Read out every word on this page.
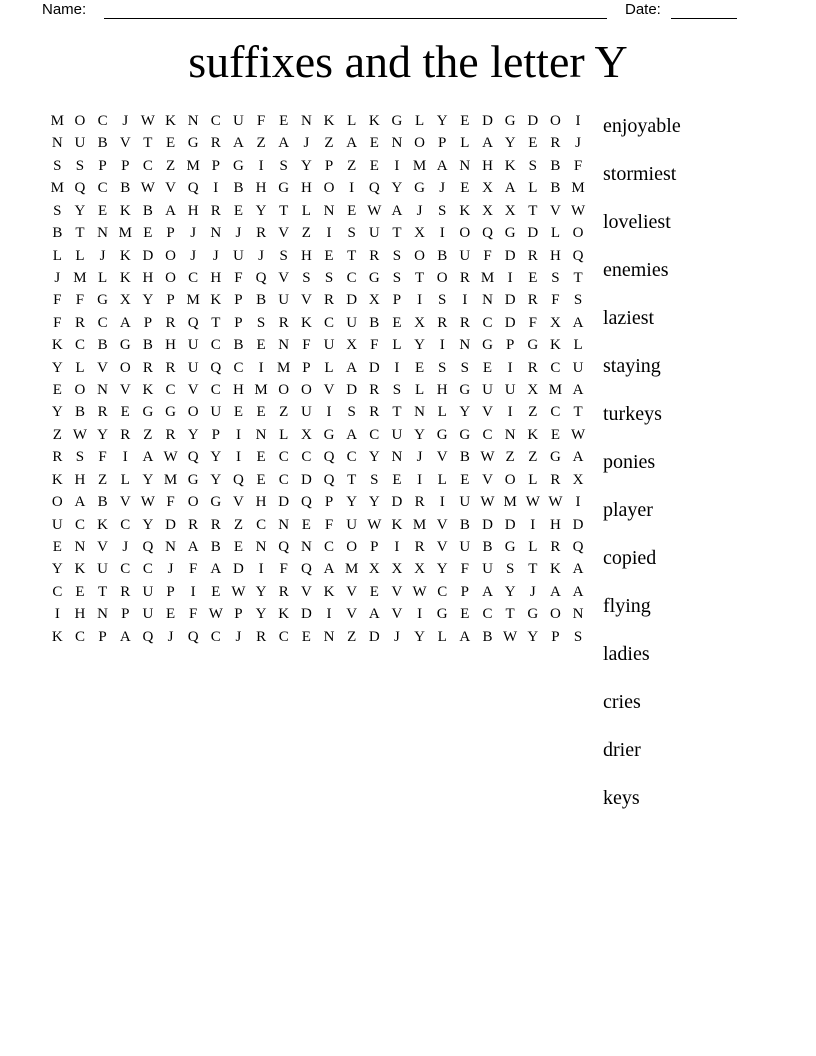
Name:	Date:
suffixes and the letter Y
M O C J W K N C U F E N K L K G L Y E D G D O I
N U B V T E G R A Z A J	Z A E N O P L A Y E R J
S S P P C Z M P G I	S Y P Z E	I M A N H K S B F
M Q C B W V Q I	B H G H O I Q Y G J	E X A L B M
S Y E K B A H R E Y T L N E W A J	S K X X T V W
B T N M E P	J N J R V Z	I	S U T X I O Q G D L O
L L	J K D O J	J U J	S H E T R S O B U F D R H Q
J M L K H O C H F Q V S S C G S T O R M I	E S T
F F G X Y P M K P B U V R D X P	I	S	I N D R F S
F R C A P R Q T P S R K C U B E X R R C D F X A
K C B G B H U C B E N F U X F L Y I N G P G K L
Y L V O R R U Q C	I M P L A D I	E S S E	I	R C U
E O N V K C V C H M O O V D R S L H G U U X M A
Y B R E G G O U E E Z U I	S R T N L Y V I	Z C T
Z W Y R Z R Y P	I N L X G A C U Y G G C N K E W
R S F	I A W Q Y I	E C C Q C Y N J V B W Z Z G A
K H Z L Y M G Y Q E C D Q T S E	I	L E V O L R X
O A B V W F O G V H D Q P Y Y D R	I U W M W W I
U C K C Y D R R Z C N E F U W K M V B D D I H D
E N V J Q N A B E N Q N C O P	I	R V U B G L R Q
Y K U C C J	F A D I	F Q A M X X X Y F U S T K A
C E T R U P	I	E W Y R V K V E V W C P A Y J A A
I H N P U E F W P Y K D I V A V I G E C T G O N
K C P A Q J Q C J R C E N Z D J Y L A B W Y P S
enjoyable
stormiest
loveliest
enemies
laziest
staying
turkeys
ponies
player
copied
flying
ladies
cries
drier
keys
